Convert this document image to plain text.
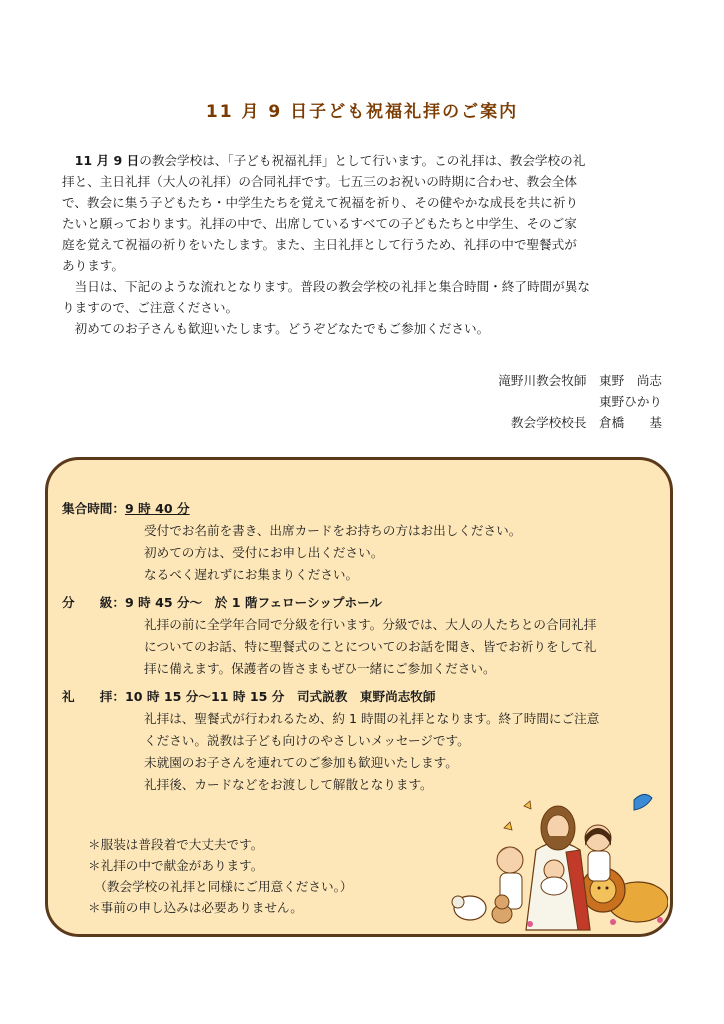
11 月 9 日子ども祝福礼拝のご案内

11 月 9 日の教会学校は、「子ども祝福礼拝」として行います。この礼拝は、教会学校の礼

拝と、主日礼拝（大人の礼拝）の合同礼拝です。七五三のお祝いの時期に合わせ、教会全体

で、教会に集う子どもたち・中学生たちを覚えて祝福を祈り、その健やかな成長を共に祈り

たいと願っております。礼拝の中で、出席しているすべての子どもたちと中学生、そのご家

庭を覚えて祝福の祈りをいたします。また、主日礼拝として行うため、礼拝の中で聖餐式が

あります。

当日は、下記のような流れとなります。普段の教会学校の礼拝と集合時間・終了時間が異な

りますので、ご注意ください。

初めてのお子さんも歓迎いたします。どうぞどなたでもご参加ください。

滝野川教会牧師　東野　尚志
東野ひかり
教会学校校長　倉橋　　基
集合時間：9 時 40 分
受付でお名前を書き、出席カードをお持ちの方はお出しください。
初めての方は、受付にお申し出ください。
なるべく遅れずにお集まりください。
分　　級：9 時 45 分～　於 1 階フェローシップホール
礼拝の前に全学年合同で分級を行います。分級では、大人の人たちとの合同礼拝
についてのお話、特に聖餐式のことについてのお話を聞き、皆でお祈りをして礼
拝に備えます。保護者の皆さまもぜひ一緒にご参加ください。
礼　　拝：10 時 15 分～11 時 15 分　司式説教　東野尚志牧師
礼拝は、聖餐式が行われるため、約 1 時間の礼拝となります。終了時間にご注意
ください。説教は子ども向けのやさしいメッセージです。
未就園のお子さんを連れてのご参加も歓迎いたします。
礼拝後、カードなどをお渡しして解散となります。
＊服装は普段着で大丈夫です。
＊礼拝の中で献金があります。
　（教会学校の礼拝と同様にご用意ください。）
＊事前の申し込みは必要ありません。
